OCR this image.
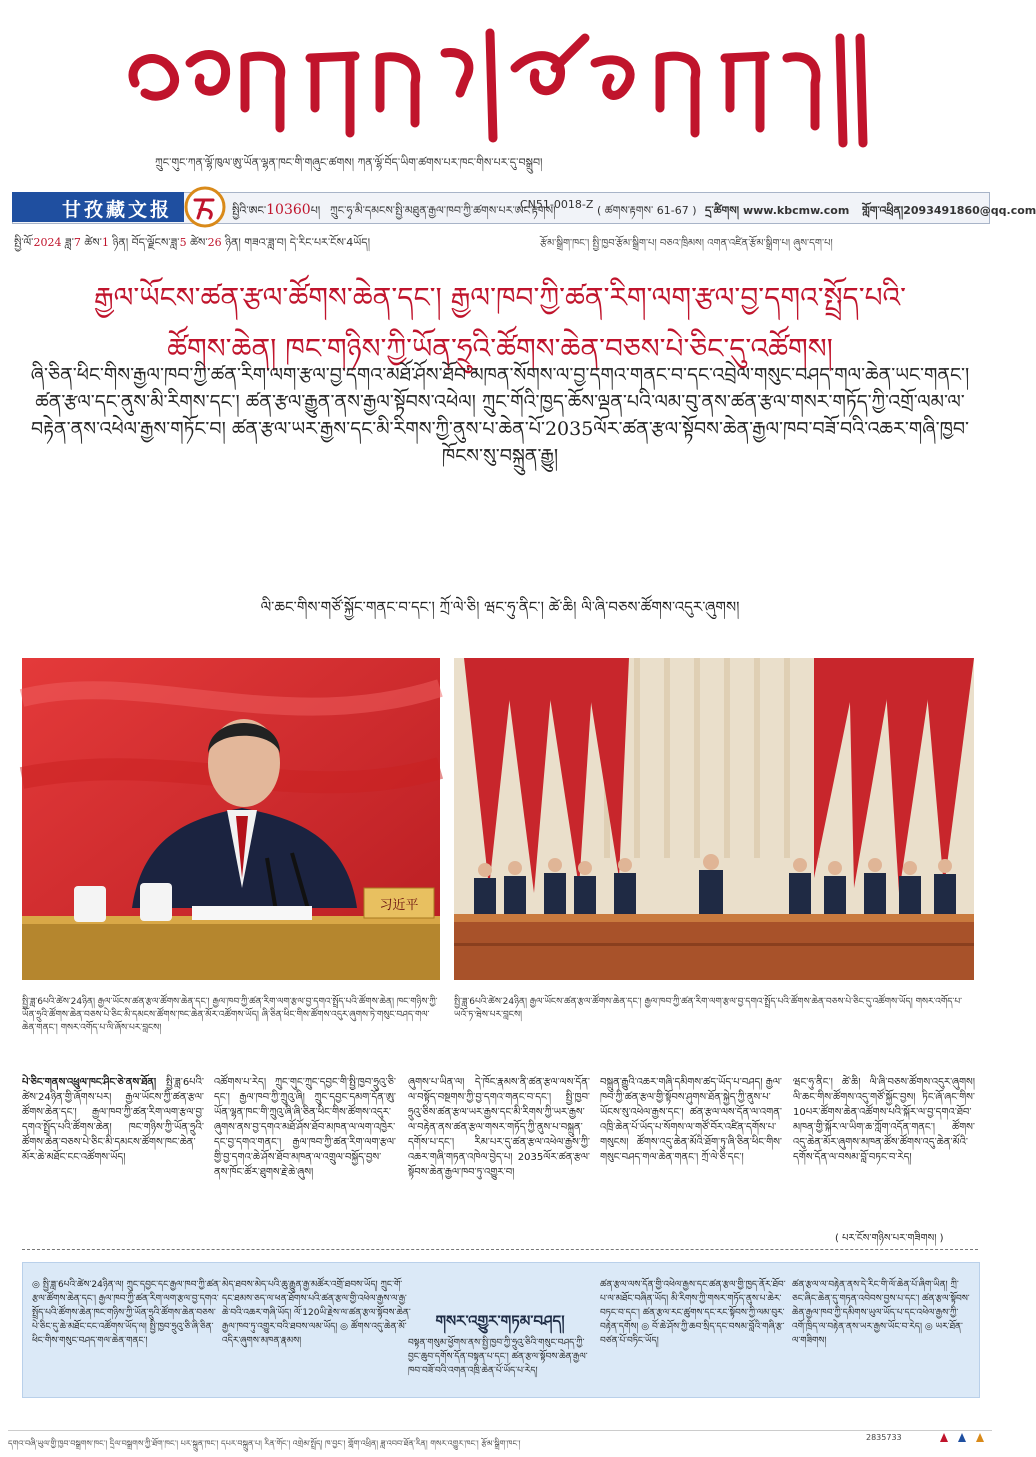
ཀྲུང་གུང་ཀན་ལྷོ་ཁུལ་ཨུ་ཡོན་ལྷན་ཁང་གི་གཞུང་ཚགས། ཀན་ལྷོ་བོད་ཡིག་ཚགས་པར་ཁང་གིས་པར་དུ་བསྒྲུབ།
甘孜藏文报	སྤྱིའི་ཨང་10360པ། ཀྲུང་ཧྭ་མི་དམངས་སྤྱི་མཐུན་རྒྱལ་ཁབ་ཀྱི་ཚགས་པར་ཨང་རྟགས།
CN51-0018-Z ( ཚགས་རྟགས་ 61-67 ) དྲ་ཚིགས། www.kbcmw.com གློག་འཕྲིན།2093491860@qq.com
སྤྱི་ལོ་2024 ཟླ་7 ཚེས་1 ཉིན། བོད་ལྗོངས་ཟླ་5 ཚེས་26 ཉིན། གཟའ་ཟླ་བ། དེ་རིང་པར་ངོས་4ཡོད།	རྩོམ་སྒྲིག་ཁང་། སྤྱི་ཁྱབ་རྩོམ་སྒྲིག་པ། བཅའ་ཁྲིམས། འགན་འཛིན་རྩོམ་སྒྲིག་པ། ཞུས་དག་པ།
རྒྱལ་ཡོངས་ཚན་རྩལ་ཚོགས་ཆེན་དང་། རྒྱལ་ཁབ་ཀྱི་ཚན་རིག་ལག་རྩལ་བྱ་དགའ་སྤྲོད་པའི་
ཚོགས་ཆེན། ཁང་གཉིས་ཀྱི་ཡོན་ཧྲུའི་ཚོགས་ཆེན་བཅས་པེ་ཅིང་དུ་འཚོགས།
ཞི་ཅིན་ཕིང་གིས་རྒྱལ་ཁབ་ཀྱི་ཚན་རིག་ལག་རྩལ་བྱ་དགའ་མཐོ་ཤོས་ཐོབ་མཁན་སོགས་ལ་བྱ་དགའ་གནང་བ་དང་འབྲེལ་གསུང་བཤད་གལ་ཆེན་ཡང་གནང་། ཚན་རྩལ་དང་ནུས་མི་རིགས་དང་། ཚན་རྩལ་རྒྱུན་ནས་རྒྱལ་སྟོབས་འཕེལ། ཀྲུང་གོའི་ཁྱད་ཆོས་ལྡན་པའི་ལམ་བུ་ནས་ཚན་རྩལ་གསར་གཏོད་ཀྱི་འགྲོ་ལམ་ལ་བརྟེན་ནས་འཕེལ་རྒྱས་གཏོང་བ། ཚན་རྩལ་ཡར་རྒྱས་དང་མི་རིགས་ཀྱི་ནུས་པ་ཆེན་པོ་2035ལོར་ཚན་རྩལ་སྟོབས་ཆེན་རྒྱལ་ཁབ་བཟོ་བའི་འཆར་གཞི་ཁྱབ་ཁོངས་སུ་བསྐྲུན་རྒྱུ།
ལི་ཆང་གིས་གཙོ་སྐྱོང་གནང་བ་དང་། ཀྲོ་ལེ་ཅི། ཝང་ཧུ་ནིང་། ཚེ་ཆི། ལི་ཞི་བཅས་ཚོགས་འདུར་ཞུགས།
习近平
སྤྱི་ཟླ་6པའི་ཚེས་24ཉིན། རྒྱལ་ཡོངས་ཚན་རྩལ་ཚོགས་ཆེན་དང་། རྒྱལ་ཁབ་ཀྱི་ཚན་རིག་ལག་རྩལ་བྱ་དགའ་སྤྲོད་པའི་ཚོགས་ཆེན། ཁང་གཉིས་ཀྱི་ཡོན་ཧྲུའི་ཚོགས་ཆེན་བཅས་པེ་ཅིང་མི་དམངས་ཚོགས་ཁང་ཆེན་མོར་འཚོགས་ཡོད། ཞི་ཅིན་ཕིང་གིས་ཚོགས་འདུར་ཞུགས་ཏེ་གསུང་བཤད་གལ་ཆེན་གནང་། གསར་འགོད་པ་ལི་ཞོས་པར་བླངས།
སྤྱི་ཟླ་6པའི་ཚེས་24ཉིན། རྒྱལ་ཡོངས་ཚན་རྩལ་ཚོགས་ཆེན་དང་། རྒྱལ་ཁབ་ཀྱི་ཚན་རིག་ལག་རྩལ་བྱ་དགའ་སྤྲོད་པའི་ཚོགས་ཆེན་བཅས་པེ་ཅིང་དུ་འཚོགས་ཡོད། གསར་འགོད་པ་ཡའོ་ཏ་ཝེས་པར་བླངས།
པེ་ཅིང་གནས་འཕྲུལ་ཁང་ཤིང་ཅེ་ནས་ཐོན། སྤྱི་ཟླ་6པའི་ཚེས་24ཉིན་གྱི་ཞོགས་པར། རྒྱལ་ཡོངས་ཀྱི་ཚན་རྩལ་ཚོགས་ཆེན་དང་། རྒྱལ་ཁབ་ཀྱི་ཚན་རིག་ལག་རྩལ་བྱ་དགའ་སྤྲོད་པའི་ཚོགས་ཆེན། ཁང་གཉིས་ཀྱི་ཡོན་ཧྲུའི་ཚོགས་ཆེན་བཅས་པེ་ཅིང་མི་དམངས་ཚོགས་ཁང་ཆེན་མོར་ཆེ་མཐོང་ངང་འཚོགས་ཡོད།
འཚོགས་པ་རེད། ཀྲུང་གུང་ཀྲུང་དབྱང་གི་སྤྱི་ཁྱབ་ཧྲུའུ་ཅི་དང་། རྒྱལ་ཁབ་ཀྱི་ཀྲུའུ་ཞི། ཀྲུང་དབྱང་དམག་དོན་ཨུ་ཡོན་ལྷན་ཁང་གི་ཀྲུའུ་ཞི་ཞི་ཅིན་ཕིང་གིས་ཚོགས་འདུར་ཞུགས་ནས་བྱ་དགའ་མཐོ་ཤོས་ཐོབ་མཁན་ལ་ལག་འཁྱེར་དང་བྱ་དགའ་གནང་། རྒྱལ་ཁབ་ཀྱི་ཚན་རིག་ལག་རྩལ་གྱི་བྱ་དགའ་ཆེ་ཤོས་ཐོབ་མཁན་ལ་འགྲུལ་བསྐྱོད་བྱས་ནས་ཁོང་ཚོར་ཐུགས་རྗེ་ཆེ་ཞུས།
ཞུགས་པ་ཡིན་ལ། དེ་ཁོང་རྣམས་ནི་ཚན་རྩལ་ལས་དོན་ལ་བསྟོད་བསྔགས་ཀྱི་བྱ་དགའ་གནང་བ་དང་། སྤྱི་ཁྱབ་ཧྲུའུ་ཅིས་ཚན་རྩལ་ཡར་རྒྱས་དང་མི་རིགས་ཀྱི་ཡར་རྒྱས་ལ་བརྟེན་ནས་ཚན་རྩལ་གསར་གཏོད་ཀྱི་ནུས་པ་བསྐྲུན་དགོས་པ་དང་། རིམ་པར་དུ་ཚན་རྩལ་འཕེལ་རྒྱས་ཀྱི་འཆར་གཞི་གཏན་འཁེལ་བྱེད་པ། 2035ལོར་ཚན་རྩལ་སྟོབས་ཆེན་རྒྱལ་ཁབ་ཏུ་འགྱུར་བ།
བསྐྲུན་རྒྱུའི་འཆར་གཞི་དམིགས་ཚད་ཡོད་པ་བཤད། རྒྱལ་ཁབ་ཀྱི་ཚན་རྩལ་གྱི་སྟོབས་ཤུགས་ཐོན་སྐྱེད་ཀྱི་ནུས་པ་ཡོངས་སུ་འཕེལ་རྒྱས་དང་། ཚན་རྩལ་ལས་དོན་ལ་འགན་འཁྲི་ཆེན་པོ་ཡོད་པ་སོགས་ལ་གཙོ་བོར་འཛིན་དགོས་པ་གསུངས། ཚོགས་འདུ་ཆེན་མོའི་ཐོག་ཏུ་ཞི་ཅིན་ཕིང་གིས་གསུང་བཤད་གལ་ཆེན་གནང་། ཀྲོ་ལེ་ཅི་དང་།
ཝང་ཧུ་ནིང་། ཚེ་ཆི། ལི་ཞི་བཅས་ཚོགས་འདུར་ཞུགས། ལི་ཆང་གིས་ཚོགས་འདུ་གཙོ་སྐྱོང་བྱས། ཏིང་ཞོ་ཞང་གིས་10པར་ཚོགས་ཆེན་འཚོགས་པའི་སྐོར་ལ་བྱ་དགའ་ཐོབ་མཁན་གྱི་སྐོར་ལ་ཡིག་ཆ་ཀློག་འདོན་གནང་། ཚོགས་འདུ་ཆེན་མོར་ཞུགས་མཁན་ཚོས་ཚོགས་འདུ་ཆེན་མོའི་དགོས་དོན་ལ་བསམ་བློ་བཏང་བ་རེད།
( པར་ངོས་གཉིས་པར་གཟིགས། )
◎ སྤྱི་ཟླ་6པའི་ཚེས་24ཉིན་ལ། ཀྲུང་དབྱང་དང་རྒྱལ་ཁབ་ཀྱི་ཚན་རྩལ་ཚོགས་ཆེན་དང་། རྒྱལ་ཁབ་ཀྱི་ཚན་རིག་ལག་རྩལ་བྱ་དགའ་སྤྲོད་པའི་ཚོགས་ཆེན་ཁང་གཉིས་ཀྱི་ཡོན་ཧྲུའི་ཚོགས་ཆེན་བཅས་པེ་ཅིང་དུ་ཆེ་མཐོང་ངང་འཚོགས་ཡོད་ལ། སྤྱི་ཁྱབ་ཧྲུའུ་ཅི་ཞི་ཅིན་ཕིང་གིས་གསུང་བཤད་གལ་ཆེན་གནང་།
མེད་ཐབས་མེད་པའི་ཆུ་རྒྱུན་རྒྱ་མཚོར་འགྲོ་ཐབས་ཡོད། ཀྲུང་གོ་དང་ཐམས་ཅད་ལ་ཕན་ཐོགས་པའི་ཚན་རྩལ་གྱི་འཕེལ་རྒྱས་ལ་རྒྱ་ཆེ་བའི་འཆར་གཞི་ཡོད། ལོ་120ཡི་རྗེས་ལ་ཚན་རྩལ་སྟོབས་ཆེན་རྒྱལ་ཁབ་ཏུ་འགྱུར་བའི་ཐབས་ལམ་ཡོད། ◎ ཚོགས་འདུ་ཆེན་མོ་འདིར་ཞུགས་མཁན་རྣམས།
གསར་འགྱུར་གཏམ་བཤད།
བསྟན་གསུམ་ཕྱོགས་ནས་སྤྱི་ཁྱབ་ཀྱི་ཧྲུའུ་ཅིའི་གསུང་བཤད་ཀྱི་བྱང་ཆུབ་དགོས་དོན་བསྟན་པ་དང་། ཚན་རྩལ་སྟོབས་ཆེན་རྒྱལ་ཁབ་བཟོ་བའི་འགན་འཁྲི་ཆེན་པོ་ཡོད་པ་རེད།
ཚན་རྩལ་ལས་དོན་གྱི་འཕེལ་རྒྱས་དང་ཚན་རྩལ་གྱི་ཁྱད་ནོར་ཐོབ་པ་ལ་མཐོང་བཞིན་ཡོད། མི་རིགས་ཀྱི་གསར་གཏོད་ནུས་པ་ཆེར་བཏང་བ་དང་། ཚན་རྩལ་རང་ཚུགས་དང་རང་སྟོབས་ཀྱི་ལམ་བུར་བརྟེན་དགོས། ◎ བོ་ཆེ་ཤོས་ཀྱི་ཆབ་སྲིད་དང་བསམ་བློའི་གཞི་རྩ་བཙན་པོ་བཏིང་ཡོད།
ཚན་རྩལ་ལ་བརྟེན་ནས་དེ་རིང་གི་ལོ་ཆེན་པོ་ཞིག་ཡིན། ཀྲི་ཅང་ཞིང་ཆེན་དུ་གཏན་འབེབས་བྱས་པ་དང་། ཚན་རྩལ་སྟོབས་ཆེན་རྒྱལ་ཁབ་ཀྱི་དམིགས་ཡུལ་ཡོད་པ་དང་འཕེལ་རྒྱས་ཀྱི་འགོ་ཁྲིད་ལ་བརྟེན་ནས་ཡར་རྒྱས་ཡོང་བ་རེད། ◎ ཡར་ཐོན་ལ་གཟིགས།
དགའ་བཞི་ཡུལ་གྱི་ཁྱབ་བསྒྲགས་ཁང་། དྲིལ་བསྒྲགས་ཀྱི་ཐོག་ཁང་། པར་སྐྲུན་ཁང་། དཔར་བསྐྲུན་པ། རིན་གོང་། འགྲེམ་སྤྲོད། ཁ་བྱང་། གློག་འཕྲིན། ཟླ་འབབ་ཐོན་རིན། གསར་འགྱུར་ཁང་། རྩོམ་སྒྲིག་ཁང་།
2835733
